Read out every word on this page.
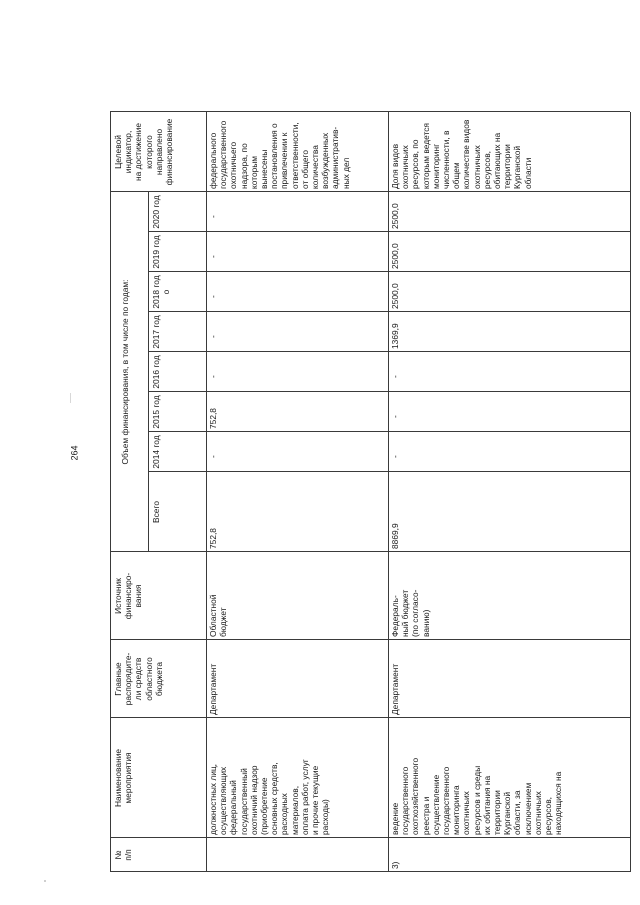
264
№
п/п
Наименование
мероприятия
Главные
распорядите-
ли средств
областного
бюджета
Источник
финансиро-
вания
Объем финансирования, в том числе по годам:
Всего
2014 год
2015 год
2016 год
2017 год
2018 год
о
2019 год
2020 год
Целевой
индикатор,
на достижение
которого
направлено
финансирование
должностных лиц,
осуществляющих
федеральный
государственный
охотничий надзор
(приобретение
основных средств,
расходных
материалов,
оплата работ, услуг
и прочие текущие
расходы)
Департамент
Областной
бюджет
752,8
-
752,8
-
-
-
-
-
федерального
государственного
охотничьего
надзора, по
которым
вынесены
постановления о
привлечении к
ответственности,
от общего
количества
возбужденных
административ-
ных дел
3)
ведение
государственного
охотхозяйственного
реестра и
осуществление
государственного
мониторинга
охотничьих
ресурсов и среды
их обитания на
территории
Курганской
области, за
исключением
охотничьих
ресурсов,
находящихся на
Департамент
Федераль-
ный бюджет
(по согласо-
ванию)
8869,9
-
-
-
1369,9
2500,0
2500,0
2500,0
Доля видов
охотничьих
ресурсов, по
которым ведется
мониторинг
численности, в
общем
количестве видов
охотничьих
ресурсов,
обитающих на
территории
Курганской
области
